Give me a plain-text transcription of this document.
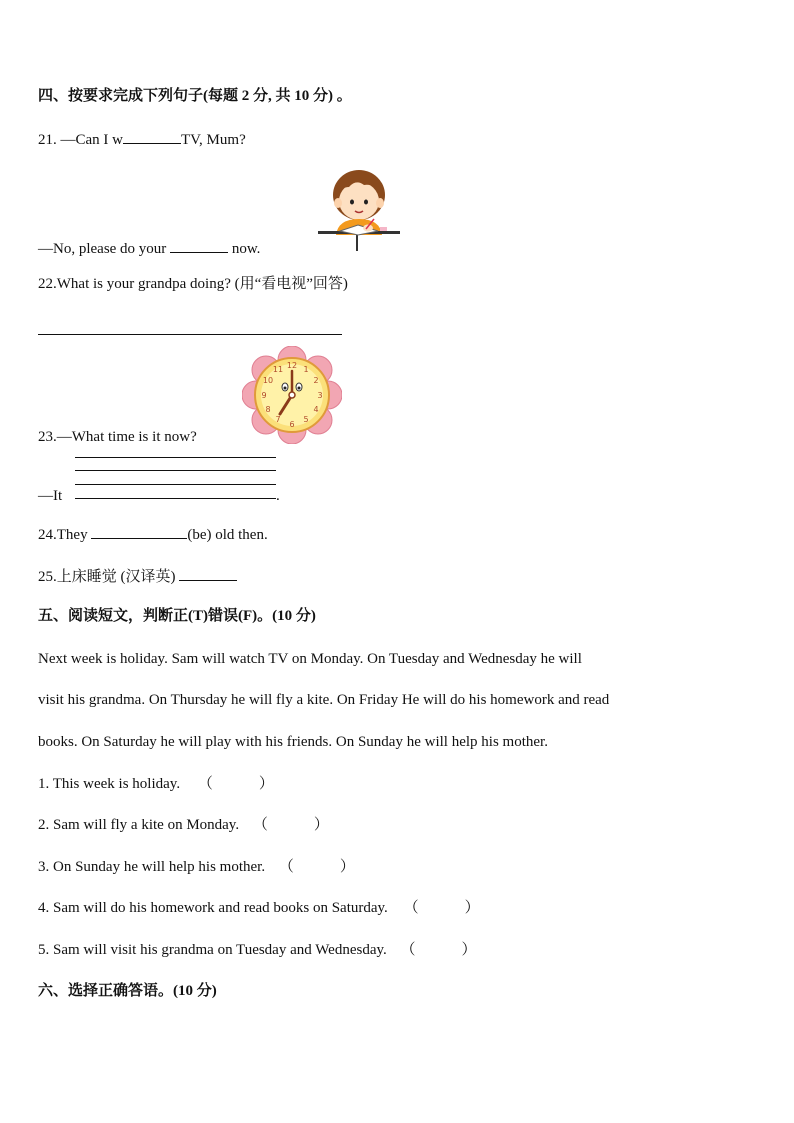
四、按要求完成下列句子(每题 2 分, 共 10 分) 。
21. —Can I w	TV, Mum?
—No, please do your	now.
22.What is your grandpa doing? (用“看电视”回答)
12 1
2
3
4
5
6
7
8
9
10
11
23.—What time is it now?
—It	.
24.They	(be) old then.
25.上床睡觉 (汉译英)
五、阅读短文，判断正(T)错误(F)。(10 分)
Next week is holiday. Sam will watch TV on Monday. On Tuesday and Wednesday he will
visit his grandma. On Thursday he will fly a kite. On Friday He will do his homework and read
books. On Saturday he will play with his friends. On Sunday he will help his mother.
1. This week is holiday. （	）
2. Sam will fly a kite on Monday. （	）
3. On Sunday he will help his mother. （	）
4. Sam will do his homework and read books on Saturday. （	）
5. Sam will visit his grandma on Tuesday and Wednesday. （	）
六、选择正确答语。(10 分)
